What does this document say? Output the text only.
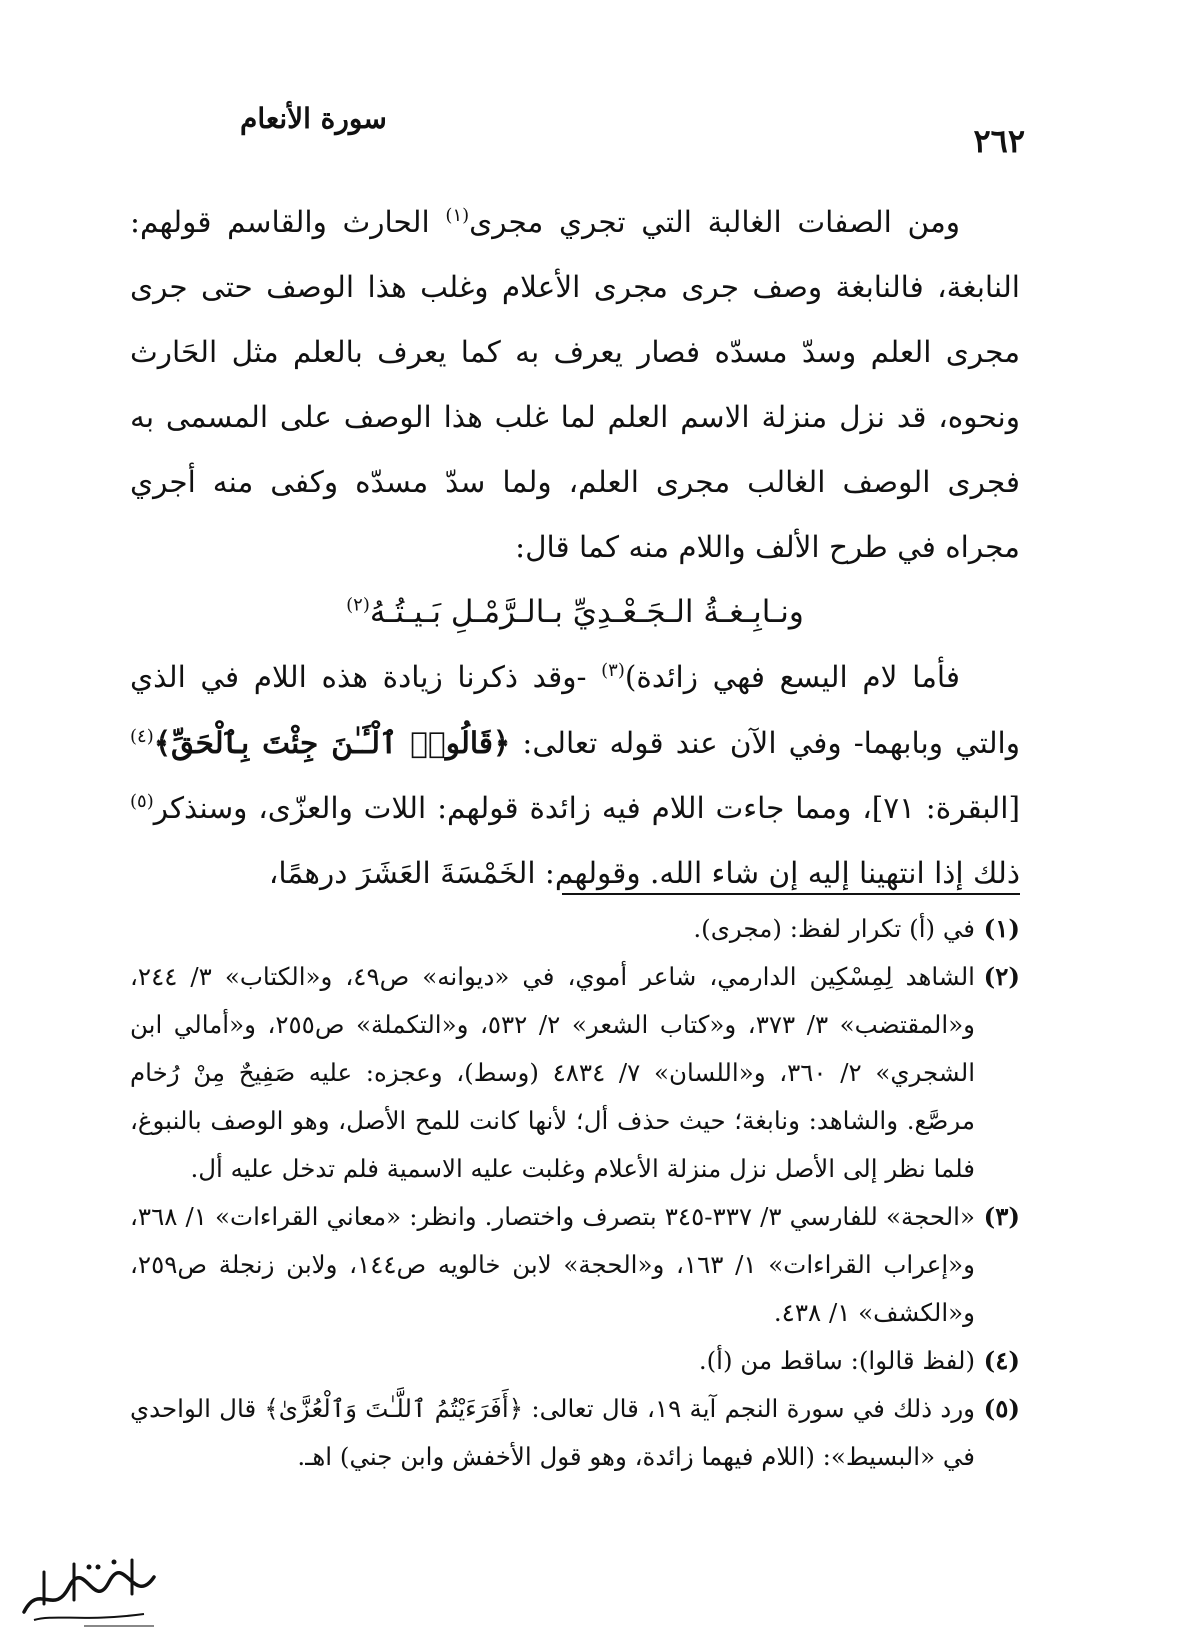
٢٦٢
سورة الأنعام

ومن الصفات الغالبة التي تجري مجرى$^{(١)}$ الحارث والقاسم قولهم: النابغة، فالنابغة وصف جرى مجرى الأعلام وغلب هذا الوصف حتى جرى مجرى العلم وسدّ مسدّه فصار يعرف به كما يعرف بالعلم مثل الحَارث ونحوه، قد نزل منزلة الاسم العلم لما غلب هذا الوصف على المسمى به فجرى الوصف الغالب مجرى العلم، ولما سدّ مسدّه وكفى منه أجري مجراه في طرح الألف واللام منه كما قال:

ونـابِـغـةُ الـجَـعْـدِيِّ بـالـرَّمْـلِ بَـيـتُـهُ$^{(٢)}$

فأما لام اليسع فهي زائدة)$^{(٣)}$ -وقد ذكرنا زيادة هذه اللام في الذي والتي وبابهما- وفي الآن عند قوله تعالى: ﴿قَالُوا۟ ٱلْـَٔـٰنَ جِئْتَ بِٱلْحَقِّ﴾$^{(٤)}$ [البقرة: ٧١]، ومما جاءت اللام فيه زائدة قولهم: اللات والعزّى، وسنذكر$^{(٥)}$ ذلك إذا انتهينا إليه إن شاء الله. وقولهم: الخَمْسَةَ العَشَرَ درهمًا،

(١)
في (أ) تكرار لفظ: (مجرى).
(٢)
الشاهد لِمِسْكِين الدارمي، شاعر أموي، في «ديوانه» ص٤٩، و«الكتاب» ٣/ ٢٤٤، و«المقتضب» ٣/ ٣٧٣، و«كتاب الشعر» ٢/ ٥٣٢، و«التكملة» ص٢٥٥، و«أمالي ابن الشجري» ٢/ ٣٦٠، و«اللسان» ٧/ ٤٨٣٤ (وسط)، وعجزه: عليه صَفِيحٌ مِنْ رُخام مرصَّع. والشاهد: ونابغة؛ حيث حذف أل؛ لأنها كانت للمح الأصل، وهو الوصف بالنبوغ، فلما نظر إلى الأصل نزل منزلة الأعلام وغلبت عليه الاسمية فلم تدخل عليه أل.
(٣)
«الحجة» للفارسي ٣/ ٣٣٧-٣٤٥ بتصرف واختصار. وانظر: «معاني القراءات» ١/ ٣٦٨، و«إعراب القراءات» ١/ ١٦٣، و«الحجة» لابن خالويه ص١٤٤، ولابن زنجلة ص٢٥٩، و«الكشف» ١/ ٤٣٨.
(٤)
(لفظ قالوا): ساقط من (أ).
(٥)
ورد ذلك في سورة النجم آية ١٩، قال تعالى: ﴿أَفَرَءَيْتُمُ ٱللَّـٰتَ وَٱلْعُزَّىٰ﴾ قال الواحدي في «البسيط»: (اللام فيهما زائدة، وهو قول الأخفش وابن جني) اهـ.
